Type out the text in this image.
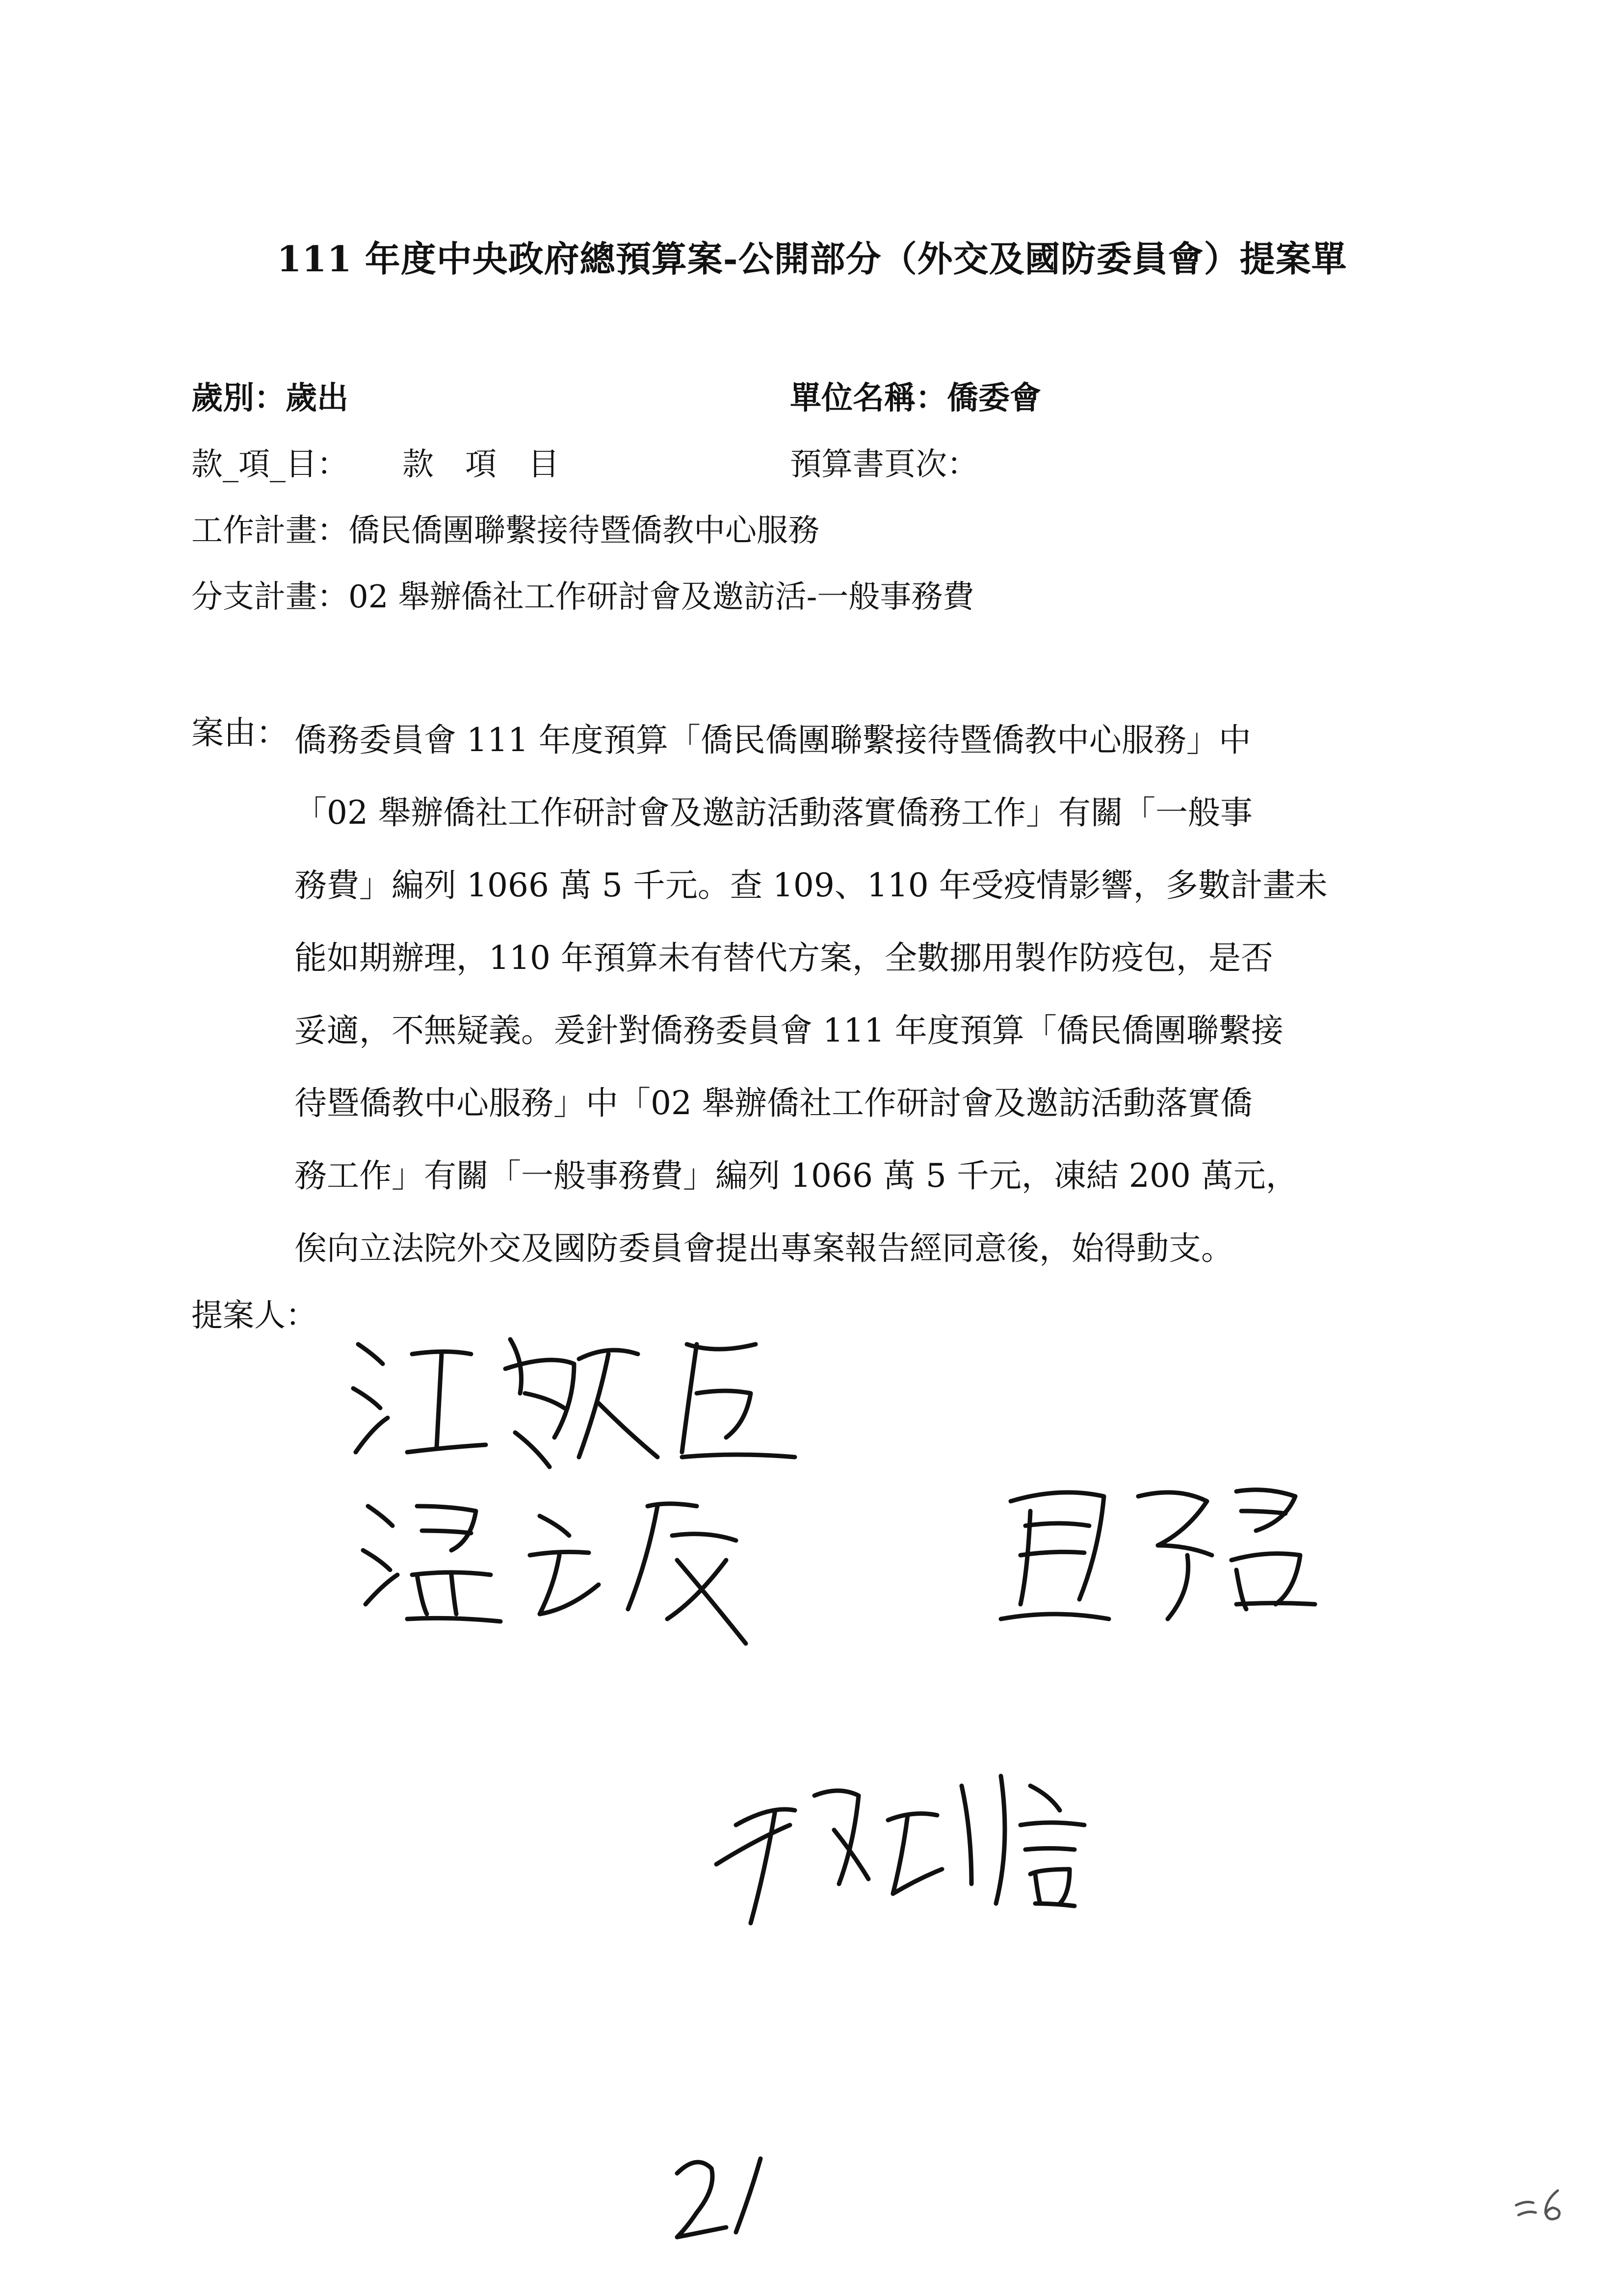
111 年度中央政府總預算案-公開部分（外交及國防委員會）提案單
歲別：歲出	單位名稱：僑委會
款_項_目： 款　項　目	預算書頁次：
工作計畫：僑民僑團聯繫接待暨僑教中心服務
分支計畫：02 舉辦僑社工作研討會及邀訪活-一般事務費
案由： 僑務委員會 111 年度預算「僑民僑團聯繫接待暨僑教中心服務」中
「02 舉辦僑社工作研討會及邀訪活動落實僑務工作」有關「一般事
務費」編列 1066 萬 5 千元。查 109、110 年受疫情影響，多數計畫未
能如期辦理，110 年預算未有替代方案，全數挪用製作防疫包，是否
妥適，不無疑義。爰針對僑務委員會 111 年度預算「僑民僑團聯繫接
待暨僑教中心服務」中「02 舉辦僑社工作研討會及邀訪活動落實僑
務工作」有關「一般事務費」編列 1066 萬 5 千元，凍結 200 萬元，
俟向立法院外交及國防委員會提出專案報告經同意後，始得動支。
提案人：
